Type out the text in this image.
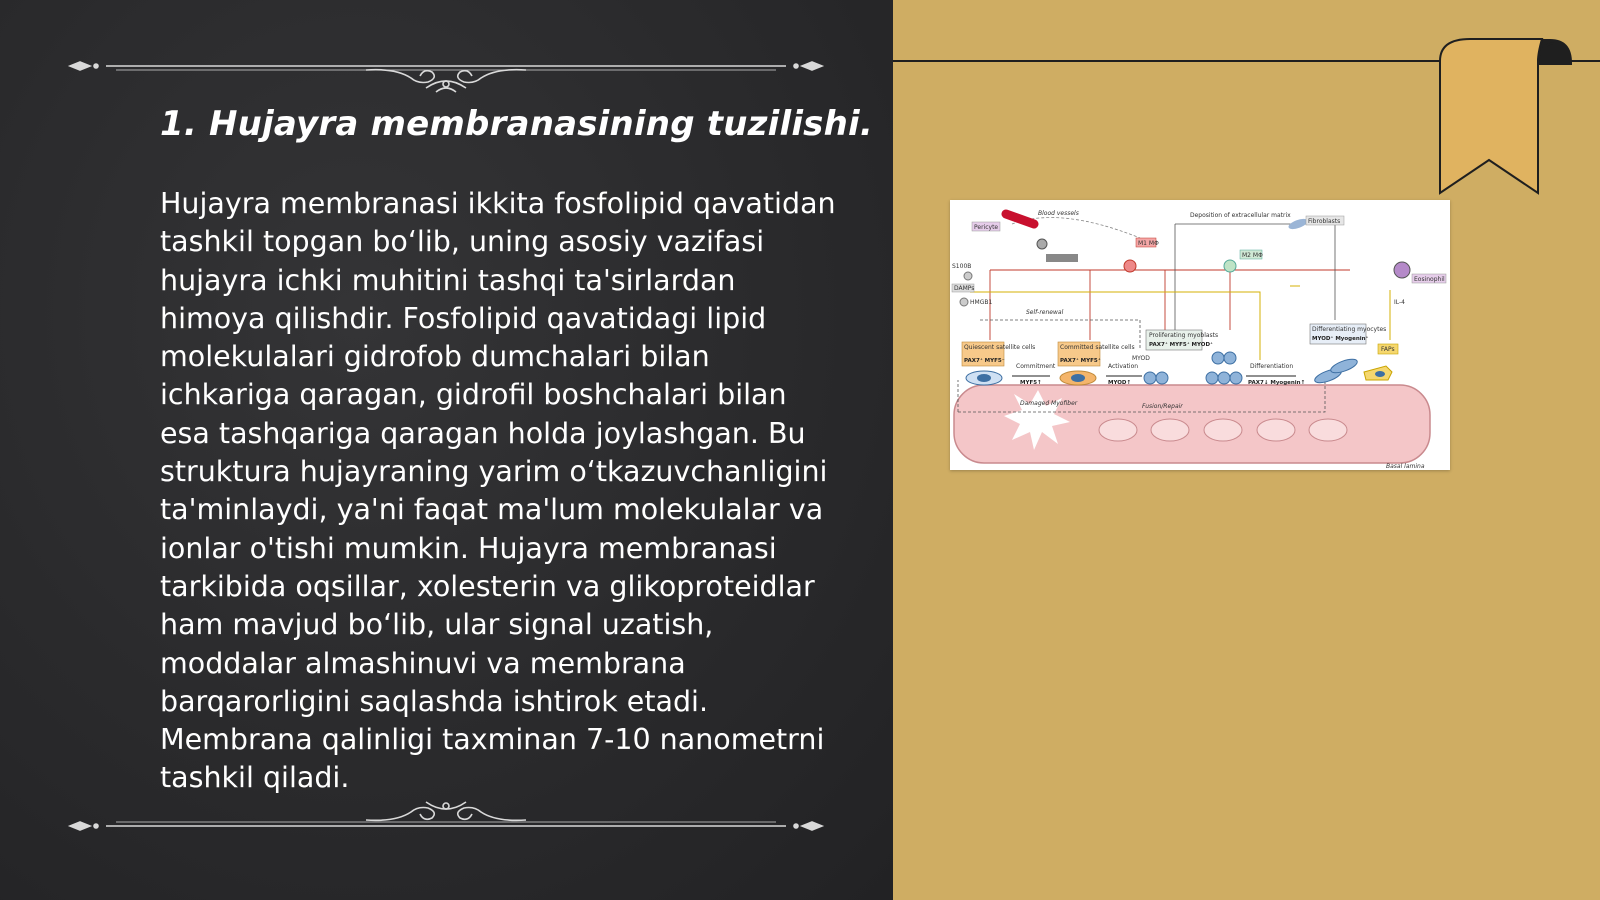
1. Hujayra membranasining tuzilishi.

Hujayra membranasi ikkita fosfolipid qavatidan tashkil topgan bo‘lib, uning asosiy vazifasi hujayra ichki muhitini tashqi ta'sirlardan himoya qilishdir. Fosfolipid qavatidagi lipid molekulalari gidrofob dumchalari bilan ichkariga qaragan, gidrofil boshchalari bilan esa tashqariga qaragan holda joylashgan. Bu struktura hujayraning yarim o‘tkazuvchanligini ta'minlaydi, ya'ni faqat ma'lum molekulalar va ionlar o'tishi mumkin. Hujayra membranasi tarkibida oqsillar, xolesterin va glikoproteidlar ham mavjud bo‘lib, ular signal uzatish, moddalar almashinuvi va membrana barqarorligini saqlashda ishtirok etadi. Membrana qalinligi taxminan 7-10 nanometrni tashkil qiladi.

Pericyte
Blood vessels	Deposition of extracellular matrix
Fibroblasts
M1 MΦ
M2 MΦ
S100B
DAMPs
HMGB1
Self-renewal
Eosinophil
IL-4
Quiescent satellite cells
PAX7⁺ MYF5⁻
Commitment
MYF5↑
Committed satellite cells
PAX7⁺ MYF5⁺
Activation
MYOD↑
MYOD
Proliferating myoblasts
PAX7⁺ MYF5⁺ MYOD⁺
Differentiation
PAX7↓ Myogenin↑
Differentiating myocytes
MYOD⁺ Myogenin⁺
FAPs
Damaged Myofiber	Fusion/Repair
Basal lamina
